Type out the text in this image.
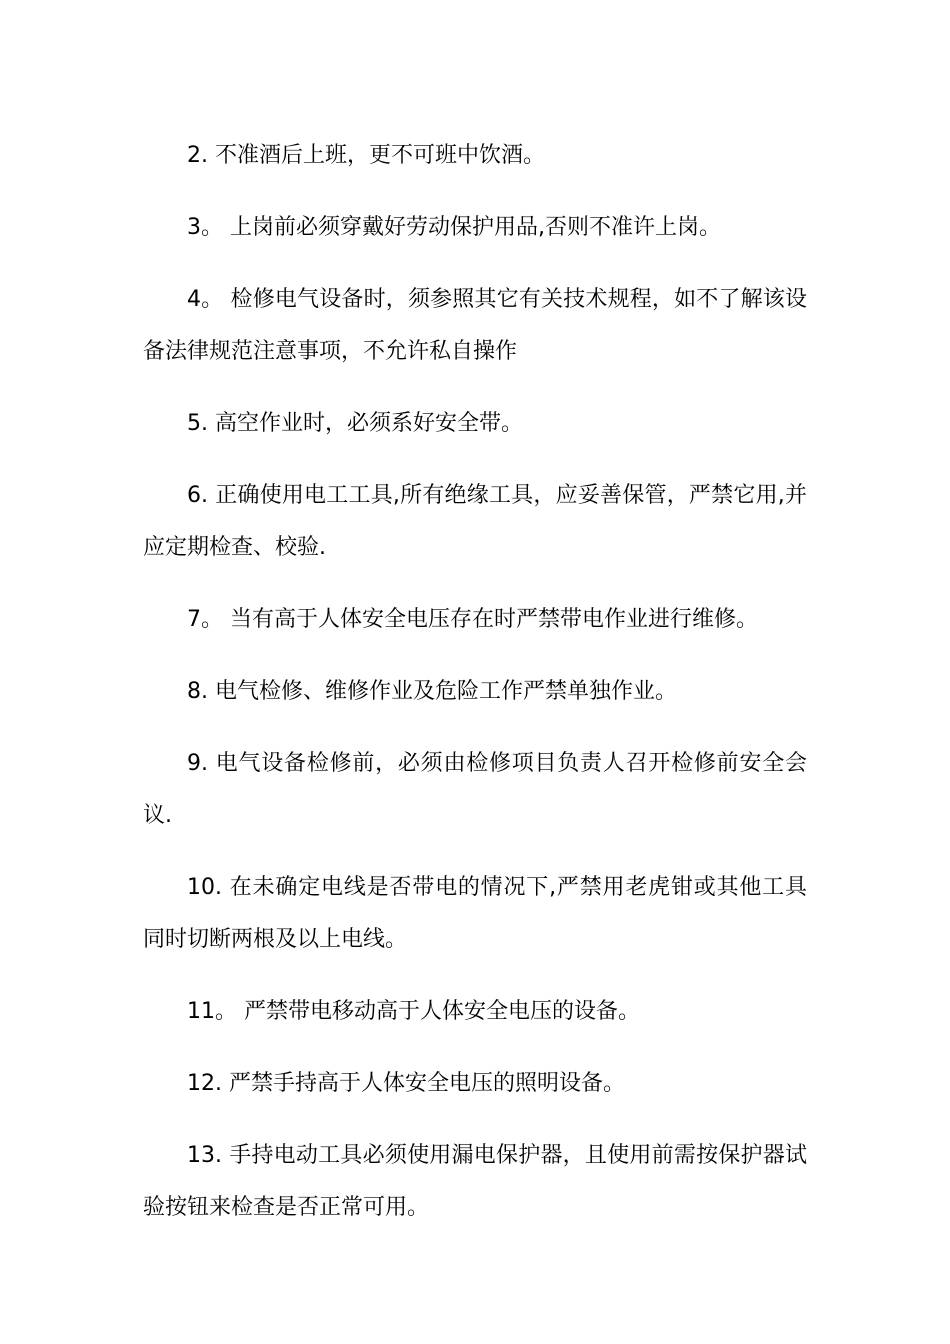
2. 不准酒后上班，更不可班中饮酒。

3。 上岗前必须穿戴好劳动保护用品,否则不准许上岗。

4。 检修电气设备时，须参照其它有关技术规程，如不了解该设备法律规范注意事项，不允许私自操作

5. 高空作业时，必须系好安全带。

6. 正确使用电工工具,所有绝缘工具，应妥善保管，严禁它用,并应定期检查、校验.

7。 当有高于人体安全电压存在时严禁带电作业进行维修。

8. 电气检修、维修作业及危险工作严禁单独作业。

9. 电气设备检修前，必须由检修项目负责人召开检修前安全会议.

10. 在未确定电线是否带电的情况下,严禁用老虎钳或其他工具同时切断两根及以上电线。

11。 严禁带电移动高于人体安全电压的设备。

12. 严禁手持高于人体安全电压的照明设备。

13. 手持电动工具必须使用漏电保护器，且使用前需按保护器试验按钮来检查是否正常可用。
